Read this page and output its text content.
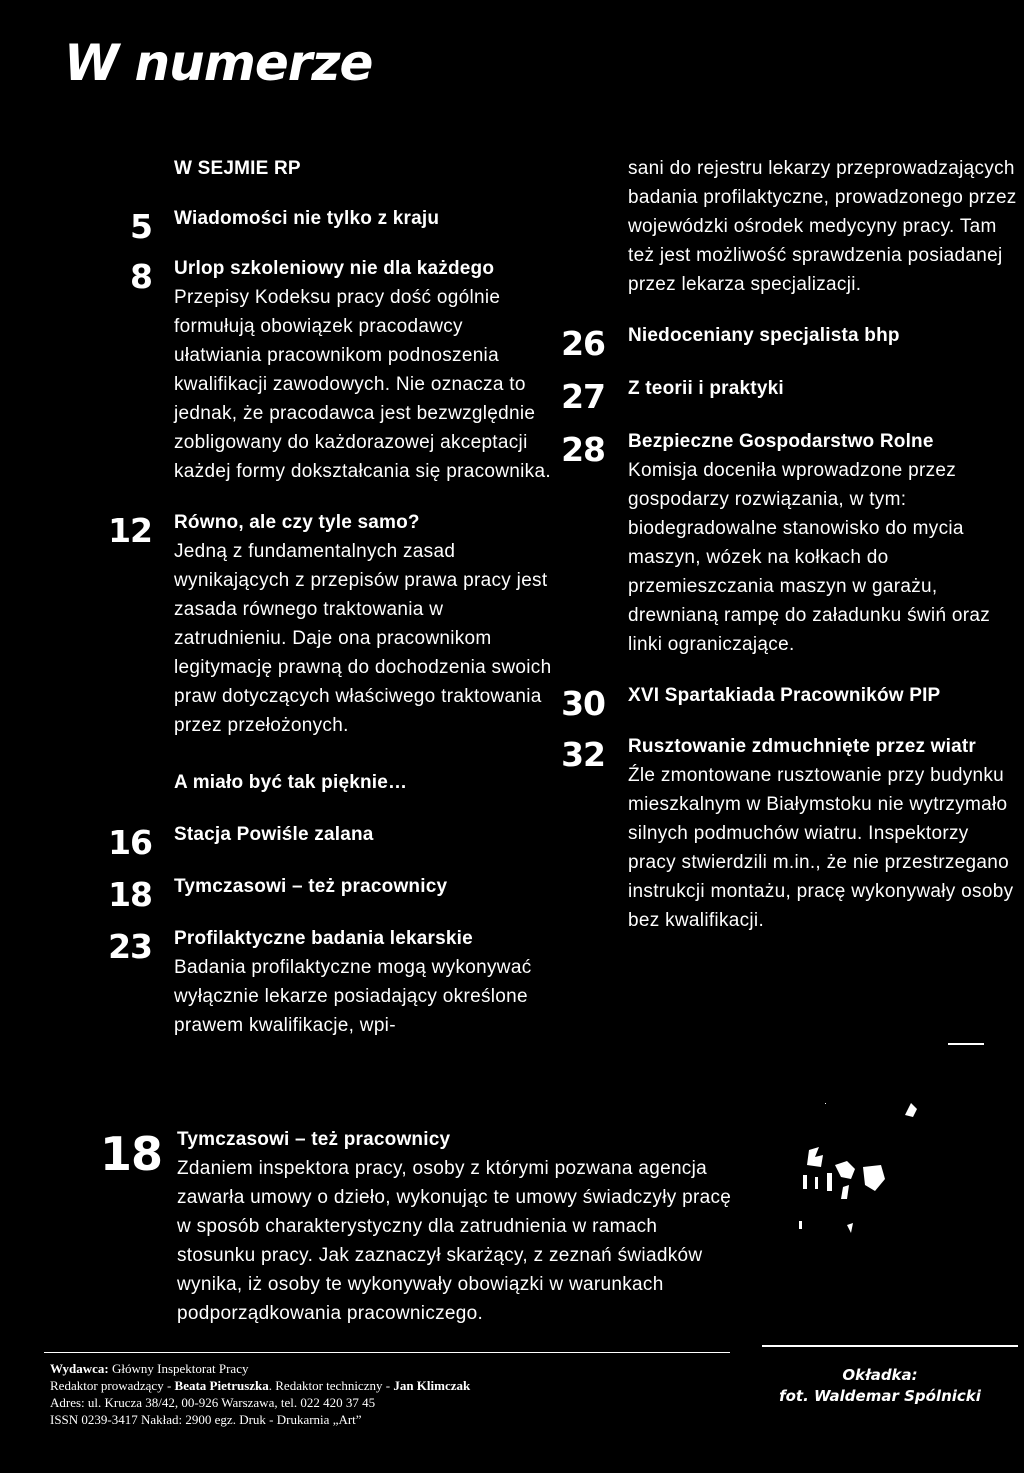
W numerze
W SEJMIE RP
5 Wiadomości nie tylko z kraju
8 Urlop szkoleniowy nie dla każdego
Przepisy Kodeksu pracy dość ogólnie formułują obowiązek pracodawcy ułatwiania pracownikom podnoszenia kwalifikacji zawodowych. Nie oznacza to jednak, że pracodawca jest bezwzględnie zobligowany do każdorazowej akceptacji każdej formy dokształcania się pracownika.
12 Równo, ale czy tyle samo?
Jedną z fundamentalnych zasad wynikających z przepisów prawa pracy jest zasada równego traktowania w zatrudnieniu. Daje ona pracownikom legitymację prawną do dochodzenia swoich praw dotyczących właściwego traktowania przez przełożonych.
A miało być tak pięknie…
16 Stacja Powiśle zalana
18 Tymczasowi – też pracownicy
23 Profilaktyczne badania lekarskie
Badania profilaktyczne mogą wykonywać wyłącznie lekarze posiadający określone prawem kwalifikacje, wpi-
sani do rejestru lekarzy przeprowadzających badania profilaktyczne, prowadzonego przez wojewódzki ośrodek medycyny pracy. Tam też jest możliwość sprawdzenia posiadanej przez lekarza specjalizacji.
26 Niedoceniany specjalista bhp
27 Z teorii i praktyki
28 Bezpieczne Gospodarstwo Rolne
Komisja doceniła wprowadzone przez gospodarzy rozwiązania, w tym: biodegradowalne stanowisko do mycia maszyn, wózek na kołkach do przemieszczania maszyn w garażu, drewnianą rampę do załadunku świń oraz linki ograniczające.
30 XVI Spartakiada Pracowników PIP
32 Rusztowanie zdmuchnięte przez wiatr
Źle zmontowane rusztowanie przy budynku mieszkalnym w Białymstoku nie wytrzymało silnych podmuchów wiatru. Inspektorzy pracy stwierdzili m.in., że nie przestrzegano instrukcji montażu, pracę wykonywały osoby bez kwalifikacji.
18 Tymczasowi – też pracownicy
Zdaniem inspektora pracy, osoby z którymi pozwana agencja zawarła umowy o dzieło, wykonując te umowy świadczyły pracę w sposób charakterystyczny dla zatrudnienia w ramach stosunku pracy. Jak zaznaczył skarżący, z zeznań świadków wynika, iż osoby te wykonywały obowiązki w warunkach podporządkowania pracowniczego.
Wydawca: Główny Inspektorat Pracy
Redaktor prowadzący - Beata Pietruszka. Redaktor techniczny - Jan Klimczak
Adres: ul. Krucza 38/42, 00-926 Warszawa, tel. 022 420 37 45
ISSN 0239-3417 Nakład: 2900 egz. Druk - Drukarnia „Art”
Okładka:
fot. Waldemar Spólnicki
